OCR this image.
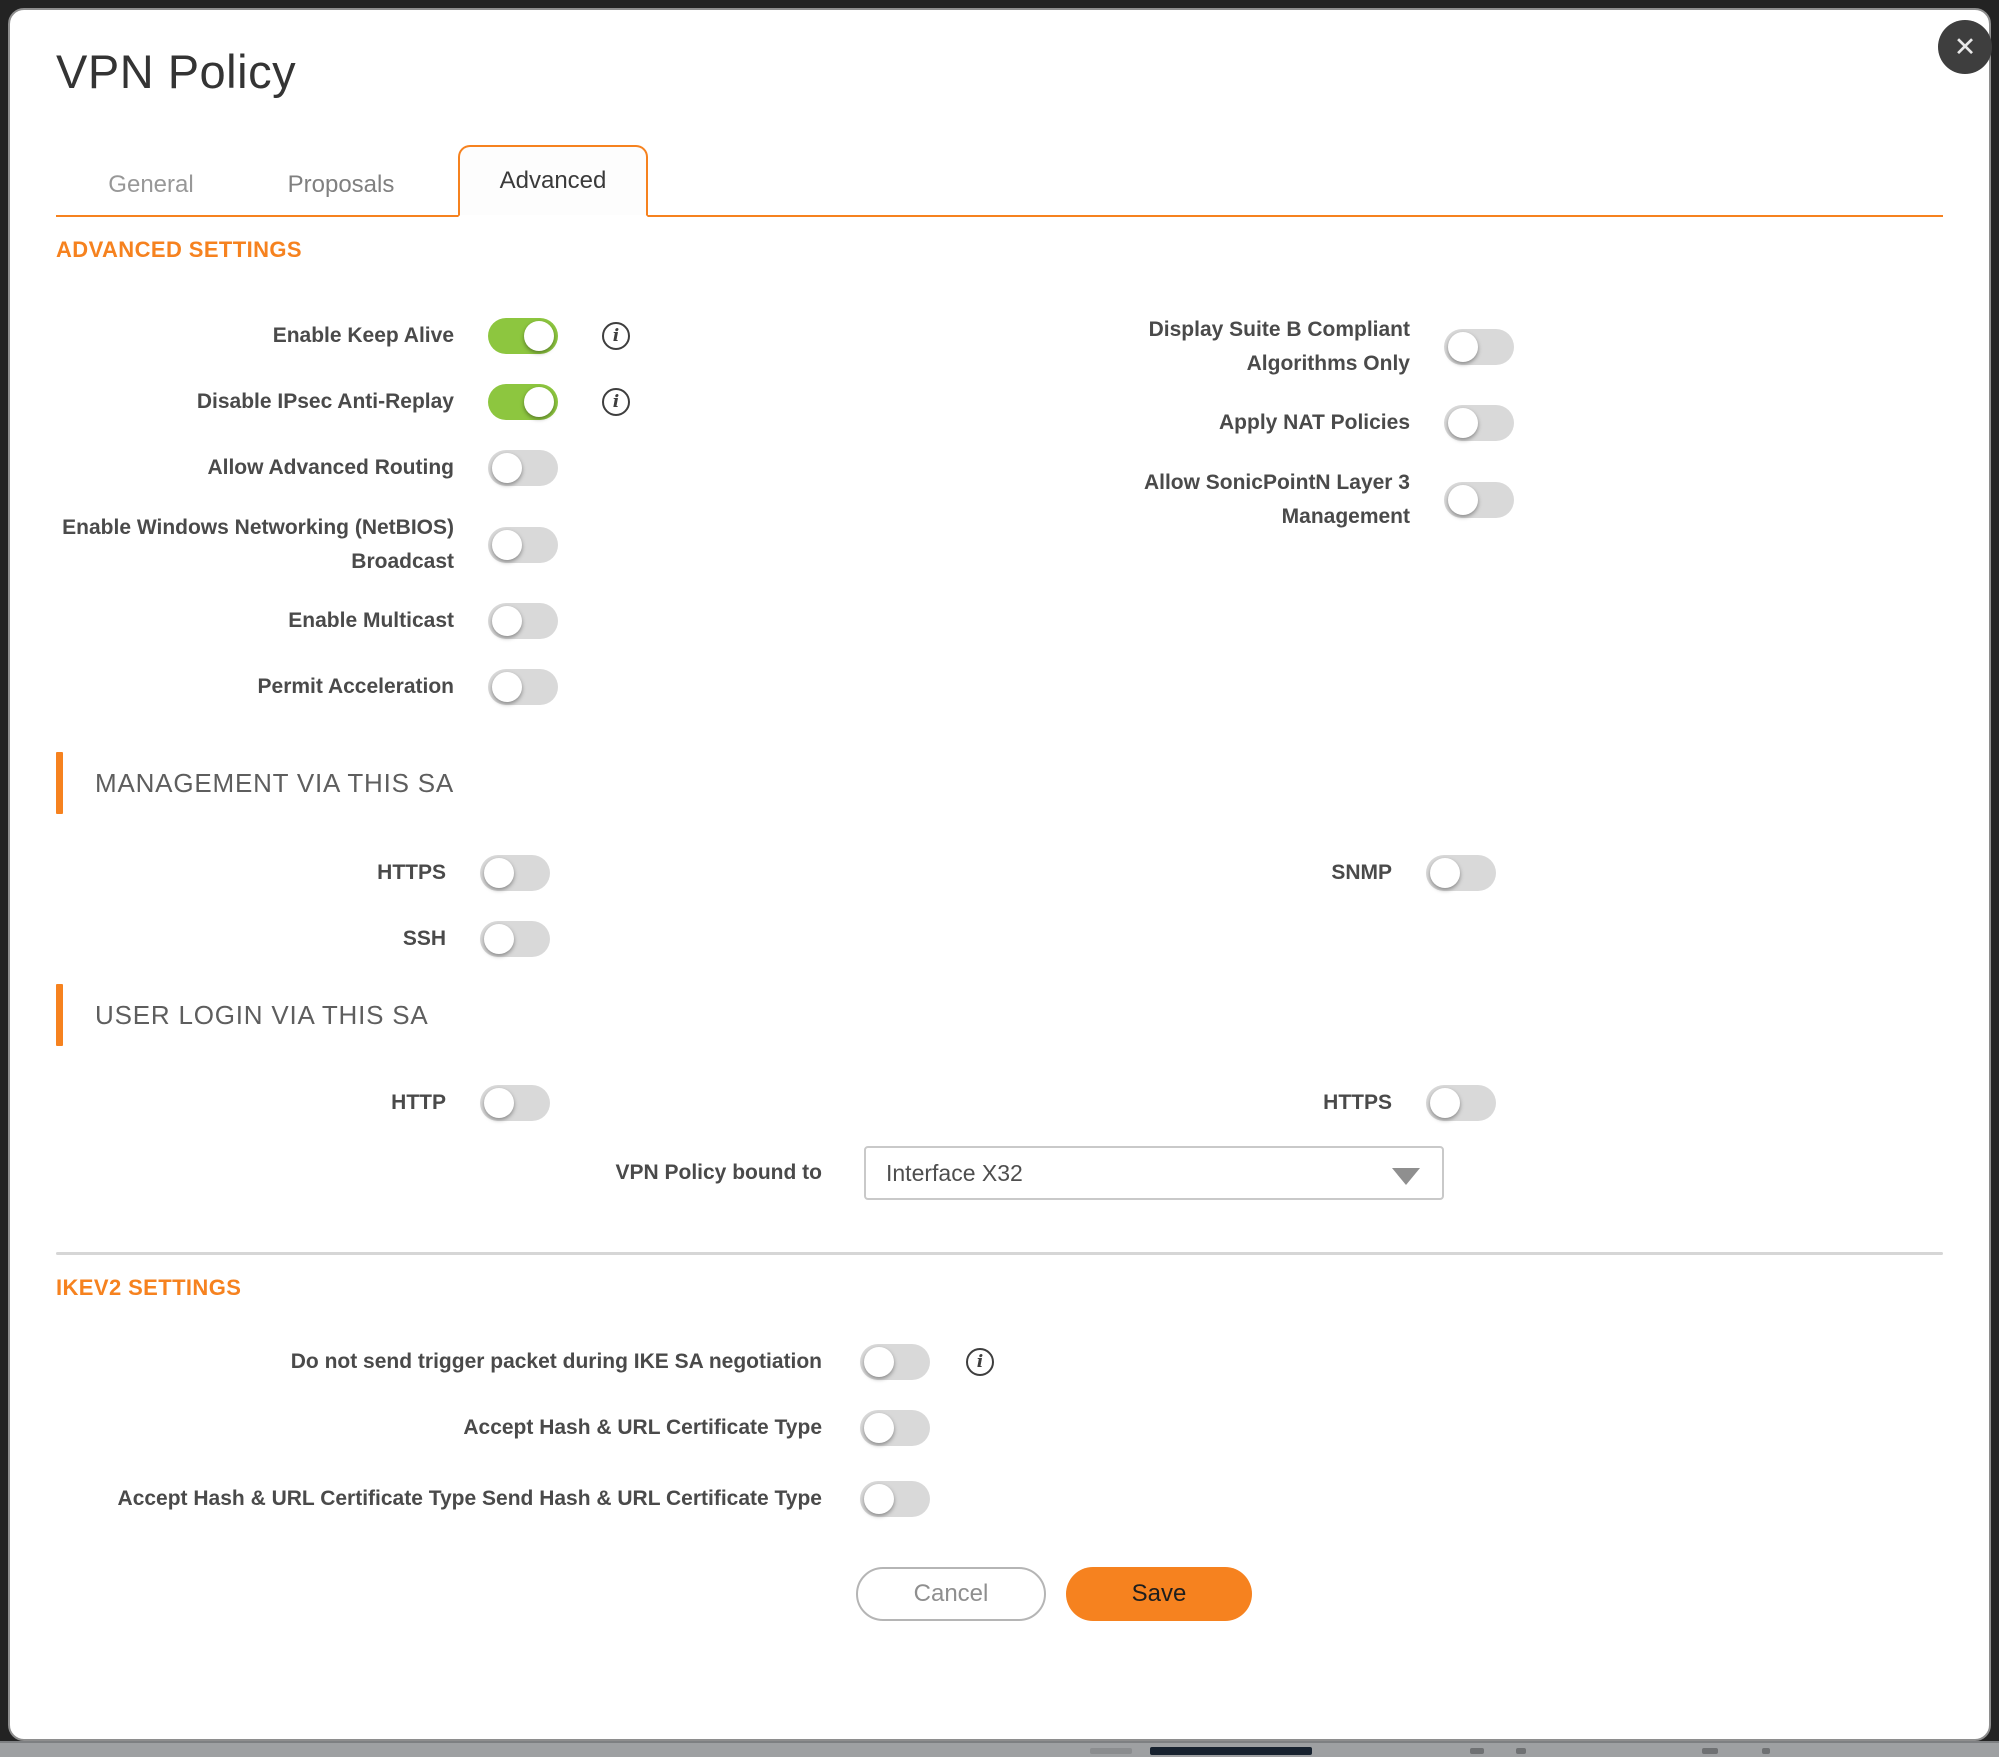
✕
VPN Policy
General	Proposals	Advanced
ADVANCED SETTINGS
Enable Keep Alive	i
Disable IPsec Anti-Replay	i
Allow Advanced Routing
Enable Windows Networking (NetBIOS) Broadcast
Enable Multicast
Permit Acceleration
Display Suite B Compliant Algorithms Only
Apply NAT Policies
Allow SonicPointN Layer 3 Management
MANAGEMENT VIA THIS SA
HTTPS	SNMP
SSH
USER LOGIN VIA THIS SA
HTTP	HTTPS
VPN Policy bound to	Interface X32
IKEV2 SETTINGS
Do not send trigger packet during IKE SA negotiation	i
Accept Hash & URL Certificate Type
Accept Hash & URL Certificate Type Send Hash & URL Certificate Type
Cancel	Save
